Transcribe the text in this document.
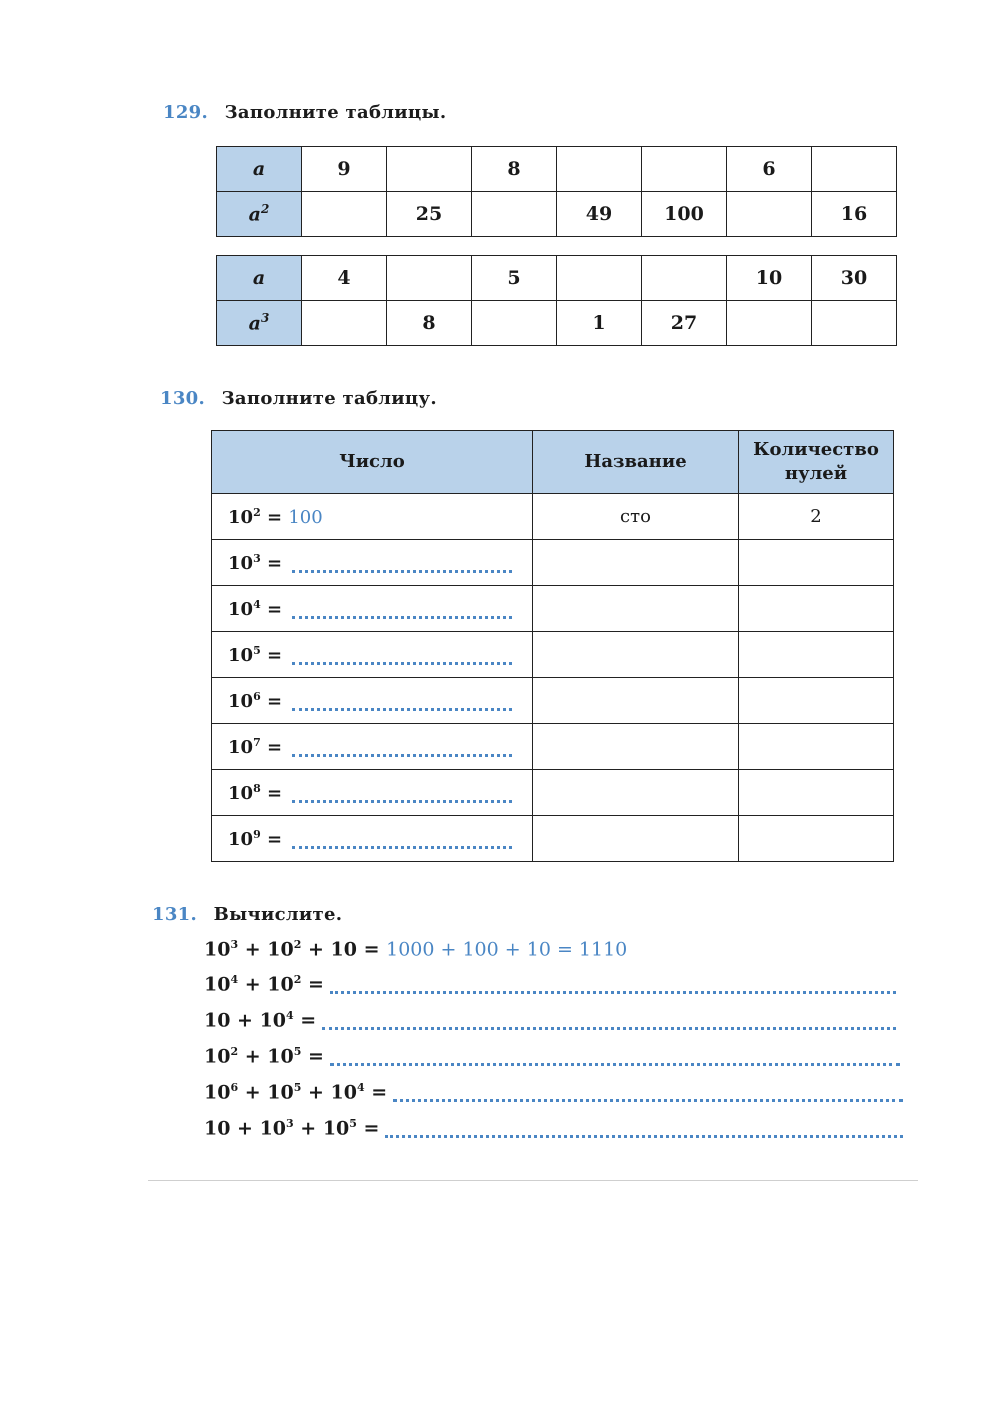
129. Заполните таблицы.
a	9		8			6	
$a^2$		25		49	100		16
a	4		5			10	30
$a^3$		8		1	27		
130. Заполните таблицу.
Число	Название	Количество
нулей
$10^2 = 100$	сто	2
$10^3$ =		
$10^4$ =		
$10^5$ =		
$10^6$ =		
$10^7$ =		
$10^8$ =		
$10^9$ =		
131. Вычислите.
$10^3 + 10^2 + 10 = 1000 + 100 + 10 = 1110$
$10^4 + 10^2$ =
$10 + 10^4$ =
$10^2 + 10^5$ =
$10^6 + 10^5 + 10^4$ =
$10 + 10^3 + 10^5$ =
